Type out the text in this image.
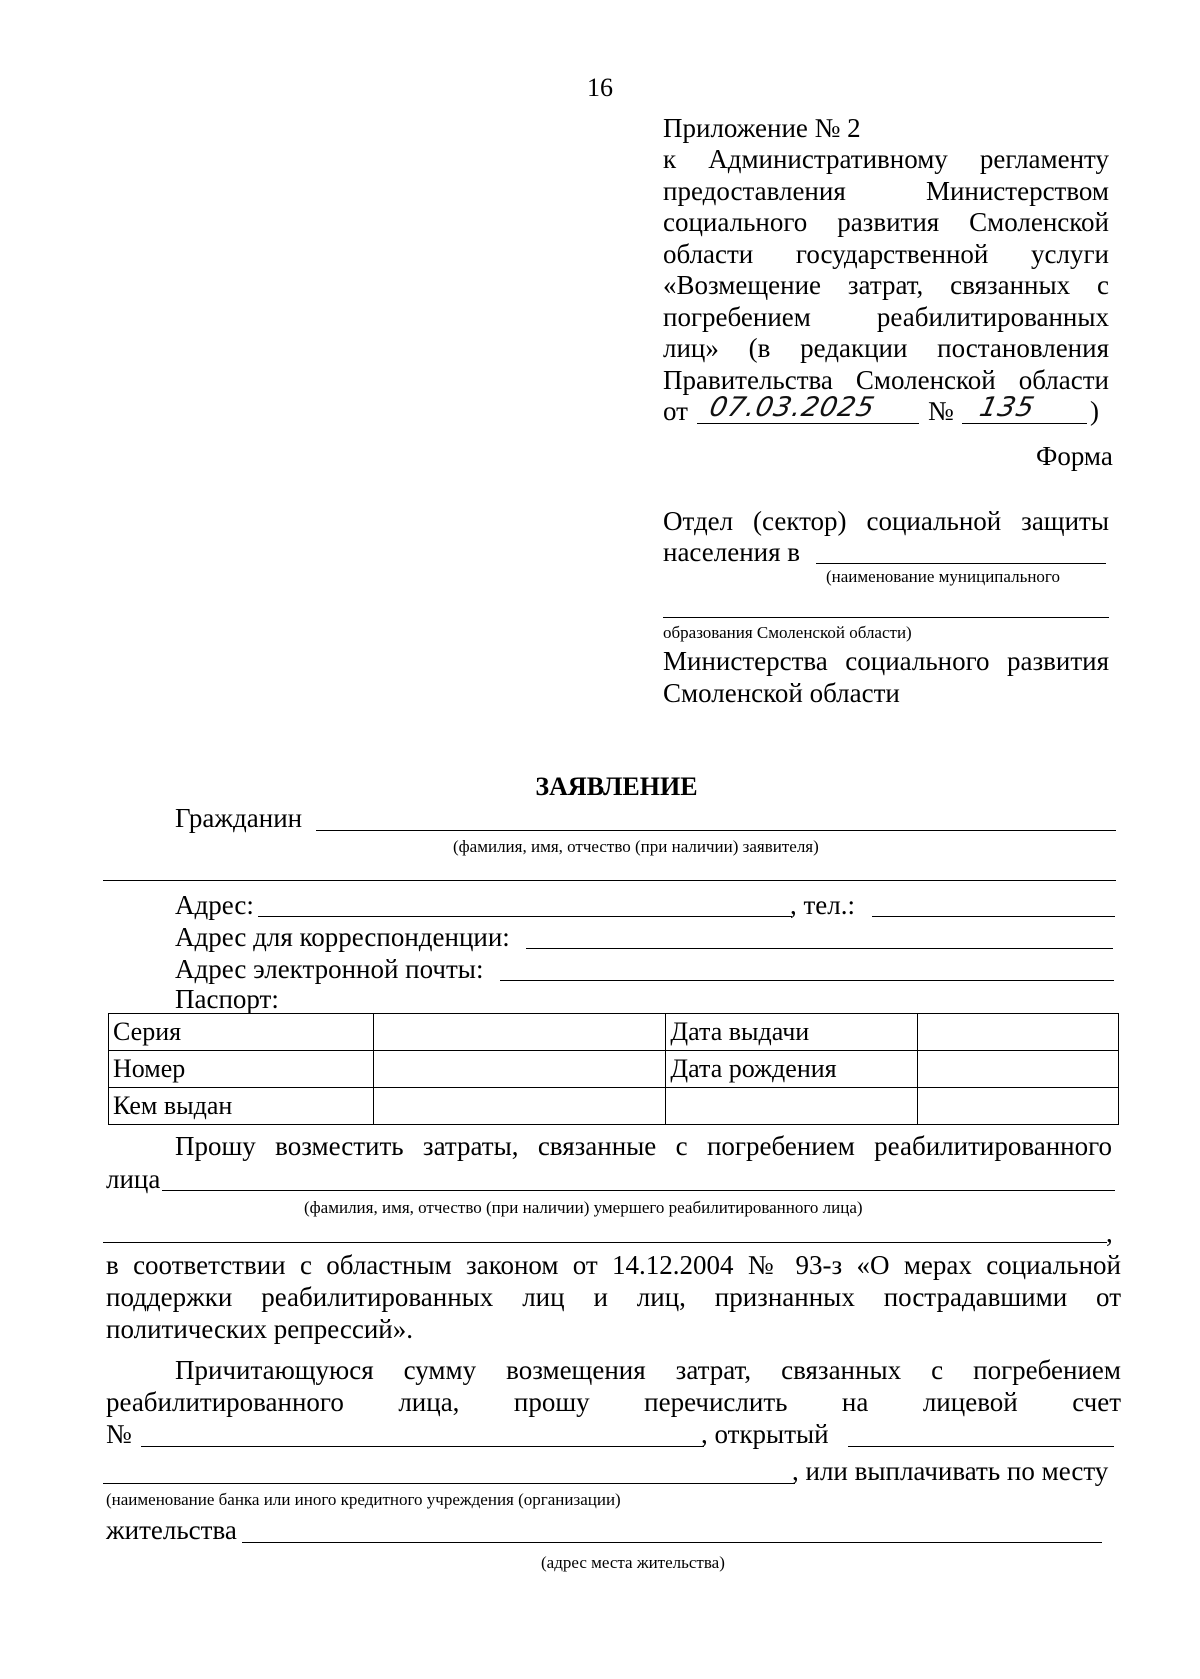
16
Приложение № 2
к Административному регламенту
предоставления Министерством
социального развития Смоленской
области государственной услуги
«Возмещение затрат, связанных с
погребением реабилитированных
лиц» (в редакции постановления
Правительства Смоленской области
от 07.03.2025 № 135 )
Форма
Отдел (сектор) социальной защиты
населения в
(наименование муниципального
образования Смоленской области)
Министерства социального развития
Смоленской области
ЗАЯВЛЕНИЕ
Гражданин
(фамилия, имя, отчество (при наличии) заявителя)
Адрес:	, тел.:
Адрес для корреспонденции:
Адрес электронной почты:
Паспорт:
Серия		Дата выдачи	
Номер		Дата рождения	
Кем выдан			
Прошу возместить затраты, связанные с погребением реабилитированного
лица
(фамилия, имя, отчество (при наличии) умершего реабилитированного лица)
,
в соответствии с областным законом от 14.12.2004 № 93-з «О мерах социальной
поддержки реабилитированных лиц и лиц, признанных пострадавшими от
политических репрессий».
Причитающуюся сумму возмещения затрат, связанных с погребением
реабилитированного лица, прошу перечислить на лицевой счет
№	, открытый
, или выплачивать по месту
(наименование банка или иного кредитного учреждения (организации)
жительства
(адрес места жительства)
